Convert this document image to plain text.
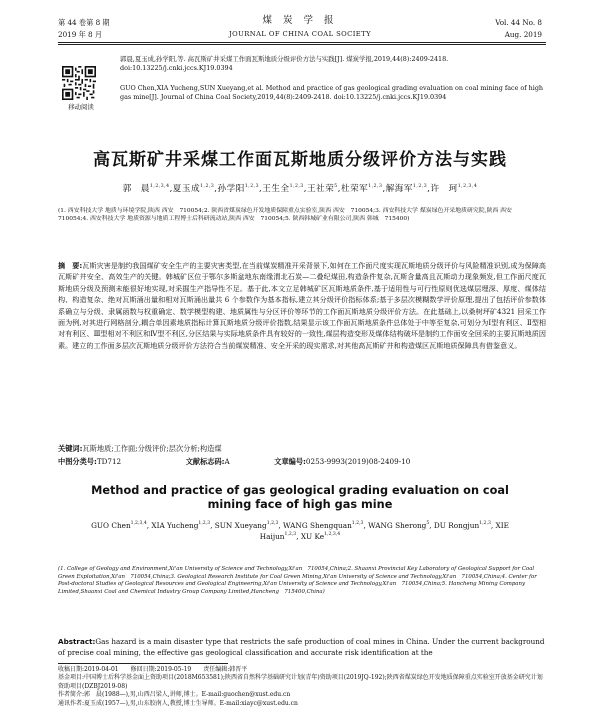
第 44 卷第 8 期
2019 年 8 月
煤 炭 学 报
JOURNAL OF CHINA COAL SOCIETY
Vol. 44 No. 8
Aug. 2019
移动阅读
郭晨,夏玉成,孙学阳,等. 高瓦斯矿井采煤工作面瓦斯地质分级评价方法与实践[J]. 煤炭学报,2019,44(8):2409-2418. doi:10.13225/j.cnki.jccs.KJ19.0394
GUO Chen,XIA Yucheng,SUN Xueyang,et al. Method and practice of gas geological grading evaluation on coal mining face of high gas mine[J]. Journal of China Coal Society,2019,44(8):2409-2418. doi:10.13225/j.cnki.jccs.KJ19.0394
高瓦斯矿井采煤工作面瓦斯地质分级评价方法与实践
郭　晨$^{1,2,3,4}$,夏玉成$^{1,2,3}$,孙学阳$^{1,2,3}$,王生全$^{1,2,3}$,王社荣$^5$,杜荣军$^{1,2,3}$,解海军$^{1,2,3}$,许　珂$^{1,2,3,4}$
(1. 西安科技大学 地质与环境学院,陕西 西安　710054;2. 陕西省煤炭绿色开发地质保障重点实验室,陕西 西安　710054;3. 西安科技大学 煤炭绿色开采地质研究院,陕西 西安　710054;4. 西安科技大学 地质资源与地质工程博士后科研流动站,陕西 西安　710054;5. 陕西韩城矿业有限公司,陕西 韩城　715400)
摘　要:瓦斯灾害是制约我国煤矿安全生产的主要灾害类型,在当前煤炭精准开采背景下,如何在工作面尺度实现瓦斯地质分级评价与风险精准识别,成为保障高瓦斯矿井安全、高效生产的关键。韩城矿区位于鄂尔多斯盆地东南缘渭北石炭—二叠纪煤田,构造条件复杂,瓦斯含量高且瓦斯动力现象频发,但工作面尺度瓦斯地质分级及预测未能很好地实现,对采掘生产指导性不足。基于此,本文立足韩城矿区瓦斯地质条件,基于适用性与可行性原则优选煤层埋深、厚度、煤体结构、构造复杂、绝对瓦斯涌出量和相对瓦斯涌出量共 6 个参数作为基本指标,建立其分级评价指标体系;基于多层次模糊数学评价原理,提出了包括评价参数体系确立与分级、隶属函数与权重确定、数学模型构建、地质属性与分区评价等环节的工作面瓦斯地质分级评价方法。在此基础上,以桑树坪矿4321 回采工作面为例,对其进行网格剖分,耦合单因素地质指标计算瓦斯地质分级评价指数,结果显示该工作面瓦斯地质条件总体处于中等至复杂,可划分为Ⅰ型有利区、Ⅱ型相对有利区、Ⅲ型相对不利区和Ⅳ型不利区,分区结果与实际地质条件具有较好的一致性,煤层构造变形及煤体结构破坏是制约工作面安全回采的主要瓦斯地质因素。建立的工作面多层次瓦斯地质分级评价方法符合当前煤炭精准、安全开采的现实需求,对其他高瓦斯矿井和构造煤区瓦斯地质保障具有借鉴意义。
关键词:瓦斯地质;工作面;分级评价;层次分析;构造煤
中图分类号:TD712	文献标志码:A	文章编号:0253-9993(2019)08-2409-10
Method and practice of gas geological grading evaluation on coal mining face of high gas mine
GUO Chen$^{1,2,3,4}$, XIA Yucheng$^{1,2,3}$, SUN Xueyang$^{1,2,3}$, WANG Shengquan$^{1,2,3}$, WANG Sherong$^5$, DU Rongjun$^{1,2,3}$, XIE Haijun$^{1,2,3}$, XU Ke$^{1,2,3,4}$
(1. College of Geology and Environment,Xi'an University of Science and Technology,Xi'an　710054,China;2. Shaanxi Provincial Key Laboratory of Geological Support for Coal Green Exploitation,Xi'an　710054,China;3. Geological Research Institute for Coal Green Mining,Xi'an University of Science and Technology,Xi'an　710054,China;4. Center for Post-doctoral Studies of Geological Resources and Geological Engineering,Xi'an University of Science and Technology,Xi'an　710054,China;5. Hancheng Mining Company Limited,Shaanxi Coal and Chemical Industry Group Company Limited,Hancheng　715400,China)
Abstract:Gas hazard is a main disaster type that restricts the safe production of coal mines in China. Under the current background of precise coal mining, the effective gas geological classification and accurate risk identification at the
收稿日期:2019-04-01　　修回日期:2019-05-19　　责任编辑:韩晋平
基金项目:中国博士后科学基金面上资助项目(2018M653581);陕西省自然科学基础研究计划(青年)资助项目(2019JQ-192);陕西省煤炭绿色开发地质保障重点实验室开放基金研究计划资助项目(DZBJ2019-08)
作者简介:郭　晨(1988—),男,山西吕梁人,讲师,博士。E-mail:guochen@xust.edu.cn
通讯作者:夏玉成(1957—),男,山东胶南人,教授,博士生导师。E-mail:xiayc@xust.edu.cn
